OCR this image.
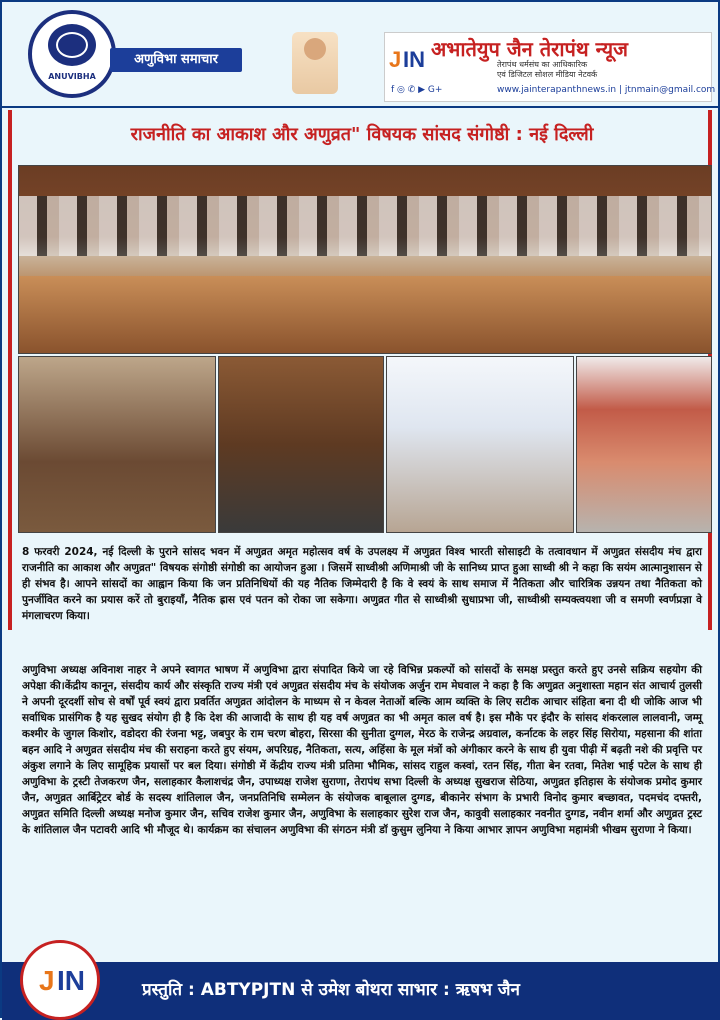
ANUVIBHA
अणुविभा समाचार	J IN अभातेयुप जैन तेरापंथ न्यूज
तेरापंथ धर्मसंघ का आधिकारिक
एवं डिजिटल सोशल मीडिया नेटवर्क
f ◎ ✆ ▶ G+	www.jainterapanthnews.in | jtnmain@gmail.com
राजनीति का आकाश और अणुव्रत" विषयक सांसद संगोष्ठी : नई दिल्ली
8 फरवरी 2024, नई दिल्ली के पुराने सांसद भवन में अणुव्रत अमृत महोत्सव वर्ष के उपलक्ष्य में अणुव्रत विश्व भारती सोसाइटी के तत्वावधान में अणुव्रत संसदीय मंच द्वारा राजनीति का आकाश और अणुव्रत" विषयक संगोष्ठी संगोष्ठी का आयोजन हुआ । जिसमें साध्वीश्री अणिमाश्री जी के सानिध्य प्राप्त हुआ साध्वी श्री ने कहा कि सयंम आत्मानुशासन से ही संभव है। आपने सांसदों का आह्वान किया कि जन प्रतिनिधियों की यह नैतिक जिम्मेदारी है कि वे स्वयं के साथ समाज में नैतिकता और चारित्रिक उन्नयन तथा नैतिकता को पुनर्जीवित करने का प्रयास करें तो बुराइयाँ, नैतिक ह्रास एवं पतन को रोका जा सकेगा। अणुव्रत गीत से साध्वीश्री सुधाप्रभा जी, साध्वीश्री सम्यक्त्वयशा जी व समणी स्वर्णप्रज्ञा वे मंगलाचरण किया।
अणुविभा अध्यक्ष अविनाश नाहर ने अपने स्वागत भाषण में अणुविभा द्वारा संपादित किये जा रहे विभिन्न प्रकल्पों को सांसदों के समक्ष प्रस्तुत करते हुए उनसे सक्रिय सहयोग की अपेक्षा की।केंद्रीय कानून, संसदीय कार्य और संस्कृति राज्य मंत्री एवं अणुव्रत संसदीय मंच के संयोजक अर्जुन राम मेघवाल ने कहा है कि अणुव्रत अनुशास्ता महान संत आचार्य तुलसी ने अपनी दूरदर्शी सोच से वर्षों पूर्व स्वयं द्वारा प्रवर्तित अणुव्रत आंदोलन के माध्यम से न केवल नेताओं बल्कि आम व्यक्ति के लिए सटीक आचार संहिता बना दी थी जोकि आज भी सर्वाधिक प्रासंगिक है यह सुखद संयोग ही है कि देश की आजादी के साथ ही यह वर्ष अणुव्रत का भी अमृत काल वर्ष है। इस मौके पर इंदौर के सांसद शंकरलाल लालवानी, जम्मू कश्मीर के जुगल किशोर, वडोदरा की रंजना भट्ट, जबपुर के राम चरण बोहरा, सिरसा की सुनीता दुग्गल, मेरठ के राजेन्द्र अग्रवाल, कर्नाटक के लहर सिंह सिरोया, महसाना की शांता बहन आदि ने अणुव्रत संसदीय मंच की सराहना करते हुए संयम, अपरिग्रह, नैतिकता, सत्य, अहिंसा के मूल मंत्रों को अंगीकार करने के साथ ही युवा पीढ़ी में बढ़ती नशे की प्रवृत्ति पर अंकुश लगाने के लिए सामूहिक प्रयासों पर बल दिया। संगोष्ठी में केंद्रीय राज्य मंत्री प्रतिमा भौमिक, सांसद राहुल कस्वां, रतन सिंह, गीता बेन रतवा, मितेश भाई पटेल के साथ ही अणुविभा के ट्रस्टी तेजकरण जैन, सलाहकार कैलाशचंद्र जैन, उपाध्यक्ष राजेश सुराणा, तेरापंथ सभा दिल्ली के अध्यक्ष सुखराज सेठिया, अणुव्रत इतिहास के संयोजक प्रमोद कुमार जैन, अणुव्रत आर्बिट्रेटर बोर्ड के सदस्य शांतिलाल जैन, जनप्रतिनिधि सम्मेलन के संयोजक बाबूलाल दुग्गड, बीकानेर संभाग के प्रभारी विनोद कुमार बच्छावत, पदमचंद दफ्तरी, अणुव्रत समिति दिल्ली अध्यक्ष मनोज कुमार जैन, सचिव राजेश कुमार जैन, अणुविभा के सलाहकार सुरेश राज जैन, कावुवी सलाहकार नवनीत दुग्गड, नवीन शर्मा और अणुव्रत ट्रस्ट के शांतिलाल जैन पटावरी आदि भी मौजूद थे। कार्यक्रम का संचालन अणुविभा की संगठन मंत्री डॉ कुसुम लुनिया ने किया आभार ज्ञापन अणुविभा महामंत्री भीखम सुराणा ने किया।
J IN	प्रस्तुति : ABTYPJTN से उमेश बोथरा साभार : ऋषभ जैन
